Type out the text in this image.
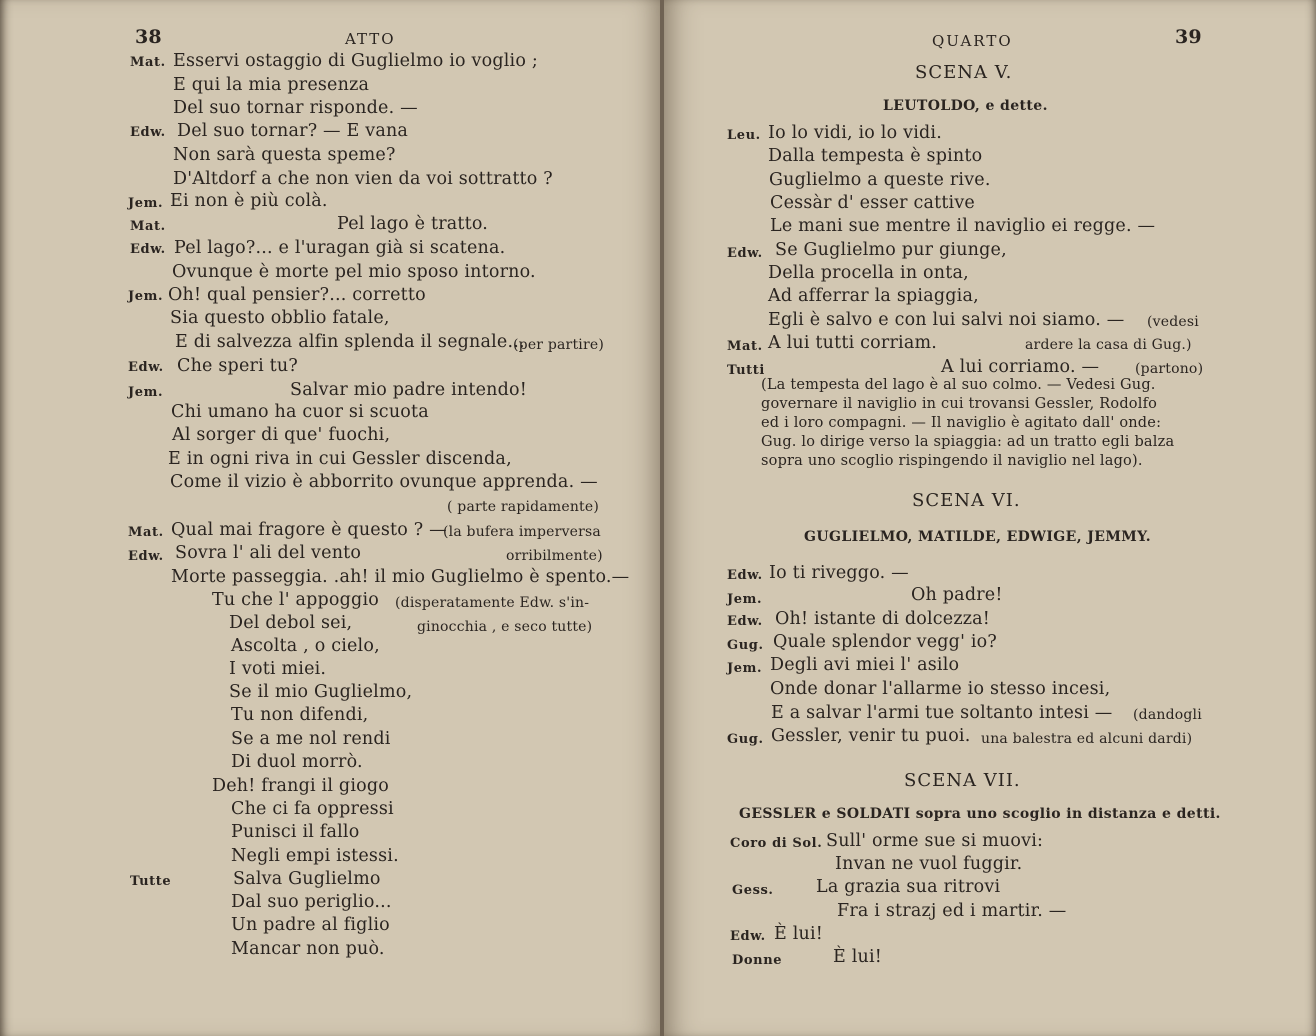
38	ATTO
Mat. Esservi ostaggio di Guglielmo io voglio ;
E qui la mia presenza
Del suo tornar risponde. —
Edw. Del suo tornar? — E vana
Non sarà questa speme?
D'Altdorf a che non vien da voi sottratto ?
Jem. Ei non è più colà.
Mat.	Pel lago è tratto.
Edw. Pel lago?... e l'uragan già si scatena.
Ovunque è morte pel mio sposo intorno.
Jem. Oh! qual pensier?... corretto
Sia questo obblio fatale,
E di salvezza alfin splenda il segnale...
(per partire)
Edw. Che speri tu?
Jem.	Salvar mio padre intendo!
Chi umano ha cuor si scuota
Al sorger di que' fuochi,
E in ogni riva in cui Gessler discenda,
Come il vizio è abborrito ovunque apprenda. —
( parte rapidamente)
Mat. Qual mai fragore è questo ? —
(la bufera imperversa
Edw. Sovra l' ali del vento	orribilmente)
Morte passeggia. .ah! il mio Guglielmo è spento.—
Tu che l' appoggio (disperatamente Edw. s'in-
Del debol sei,	ginocchia , e seco tutte)
Ascolta , o cielo,
I voti miei.
Se il mio Guglielmo,
Tu non difendi,
Se a me nol rendi
Di duol morrò.
Deh! frangi il giogo
Che ci fa oppressi
Punisci il fallo
Negli empi istessi.
Tutte	Salva Guglielmo
Dal suo periglio...
Un padre al figlio
Mancar non può.
QUARTO	39
SCENA V.
LEUTOLDO, e dette.
Leu. Io lo vidi, io lo vidi.
Dalla tempesta è spinto
Guglielmo a queste rive.
Cessàr d' esser cattive
Le mani sue mentre il naviglio ei regge. —
Edw. Se Guglielmo pur giunge,
Della procella in onta,
Ad afferrar la spiaggia,
Egli è salvo e con lui salvi noi siamo. — (vedesi
Mat. A lui tutti corriam.	ardere la casa di Gug.)
Tutti	A lui corriamo. —	(partono)
(La tempesta del lago è al suo colmo. — Vedesi Gug.
governare il naviglio in cui trovansi Gessler, Rodolfo
ed i loro compagni. — Il naviglio è agitato dall' onde:
Gug. lo dirige verso la spiaggia: ad un tratto egli balza
sopra uno scoglio rispingendo il naviglio nel lago).
SCENA VI.
GUGLIELMO, MATILDE, EDWIGE, JEMMY.
Edw. Io ti riveggo. —
Jem.	Oh padre!
Edw. Oh! istante di dolcezza!
Gug. Quale splendor vegg' io?
Jem. Degli avi miei l' asilo
Onde donar l'allarme io stesso incesi,
E a salvar l'armi tue soltanto intesi — (dandogli
Gug. Gessler, venir tu puoi. una balestra ed alcuni dardi)
SCENA VII.
GESSLER e SOLDATI sopra uno scoglio in distanza e detti.
Coro di Sol. Sull' orme sue si muovi:
Invan ne vuol fuggir.
Gess. La grazia sua ritrovi
Fra i strazj ed i martir. —
Edw. È lui!
Donne	È lui!
